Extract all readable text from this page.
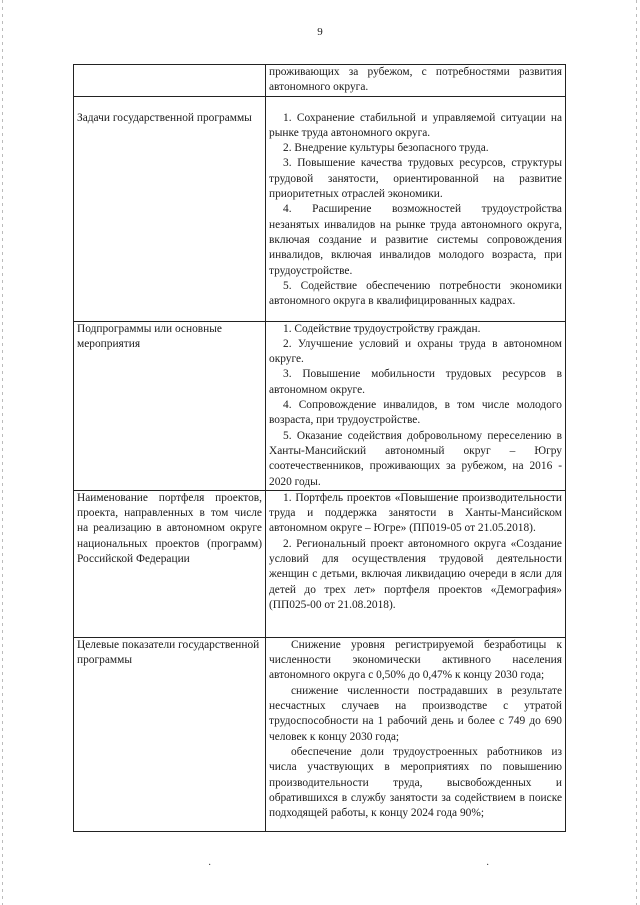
9

	проживающих за рубежом, с потребностями развития автономного округа.

Задачи государственной программы	1. Сохранение стабильной и управляемой ситуации на рынке труда автономного округа.
2. Внедрение культуры безопасного труда.
3. Повышение качества трудовых ресурсов, структуры трудовой занятости, ориентированной на развитие приоритетных отраслей экономики.
4. Расширение возможностей трудоустройства незанятых инвалидов на рынке труда автономного округа, включая создание и развитие системы сопровождения инвалидов, включая инвалидов молодого возраста, при трудоустройстве.
5. Содействие обеспечению потребности экономики автономного округа в квалифицированных кадрах.

Подпрограммы или основные мероприятия	1. Содействие трудоустройству граждан.
2. Улучшение условий и охраны труда в автономном округе.
3. Повышение мобильности трудовых ресурсов в автономном округе.
4. Сопровождение инвалидов, в том числе молодого возраста, при трудоустройстве.
5. Оказание содействия добровольному переселению в Ханты-Мансийский автономный округ – Югру соотечественников, проживающих за рубежом, на 2016 - 2020 годы.

Наименование портфеля проектов, проекта, направленных в том числе на реализацию в автономном округе национальных проектов (программ) Российской Федерации	1. Портфель проектов «Повышение производительности труда и поддержка занятости в Ханты-Мансийском автономном округе – Югре» (ПП019-05 от 21.05.2018).
2. Региональный проект автономного округа «Создание условий для осуществления трудовой деятельности женщин с детьми, включая ликвидацию очереди в ясли для детей до трех лет» портфеля проектов «Демография» (ПП025-00 от 21.08.2018).

Целевые показатели государственной программы	Снижение уровня регистрируемой безработицы к численности экономически активного населения автономного округа с 0,50% до 0,47% к концу 2030 года;
снижение численности пострадавших в результате несчастных случаев на производстве с утратой трудоспособности на 1 рабочий день и более с 749 до 690 человек к концу 2030 года;
обеспечение доли трудоустроенных работников из числа участвующих в мероприятиях по повышению производительности труда, высвобожденных и обратившихся в службу занятости за содействием в поиске подходящей работы, к концу 2024 года 90%;
·	·
